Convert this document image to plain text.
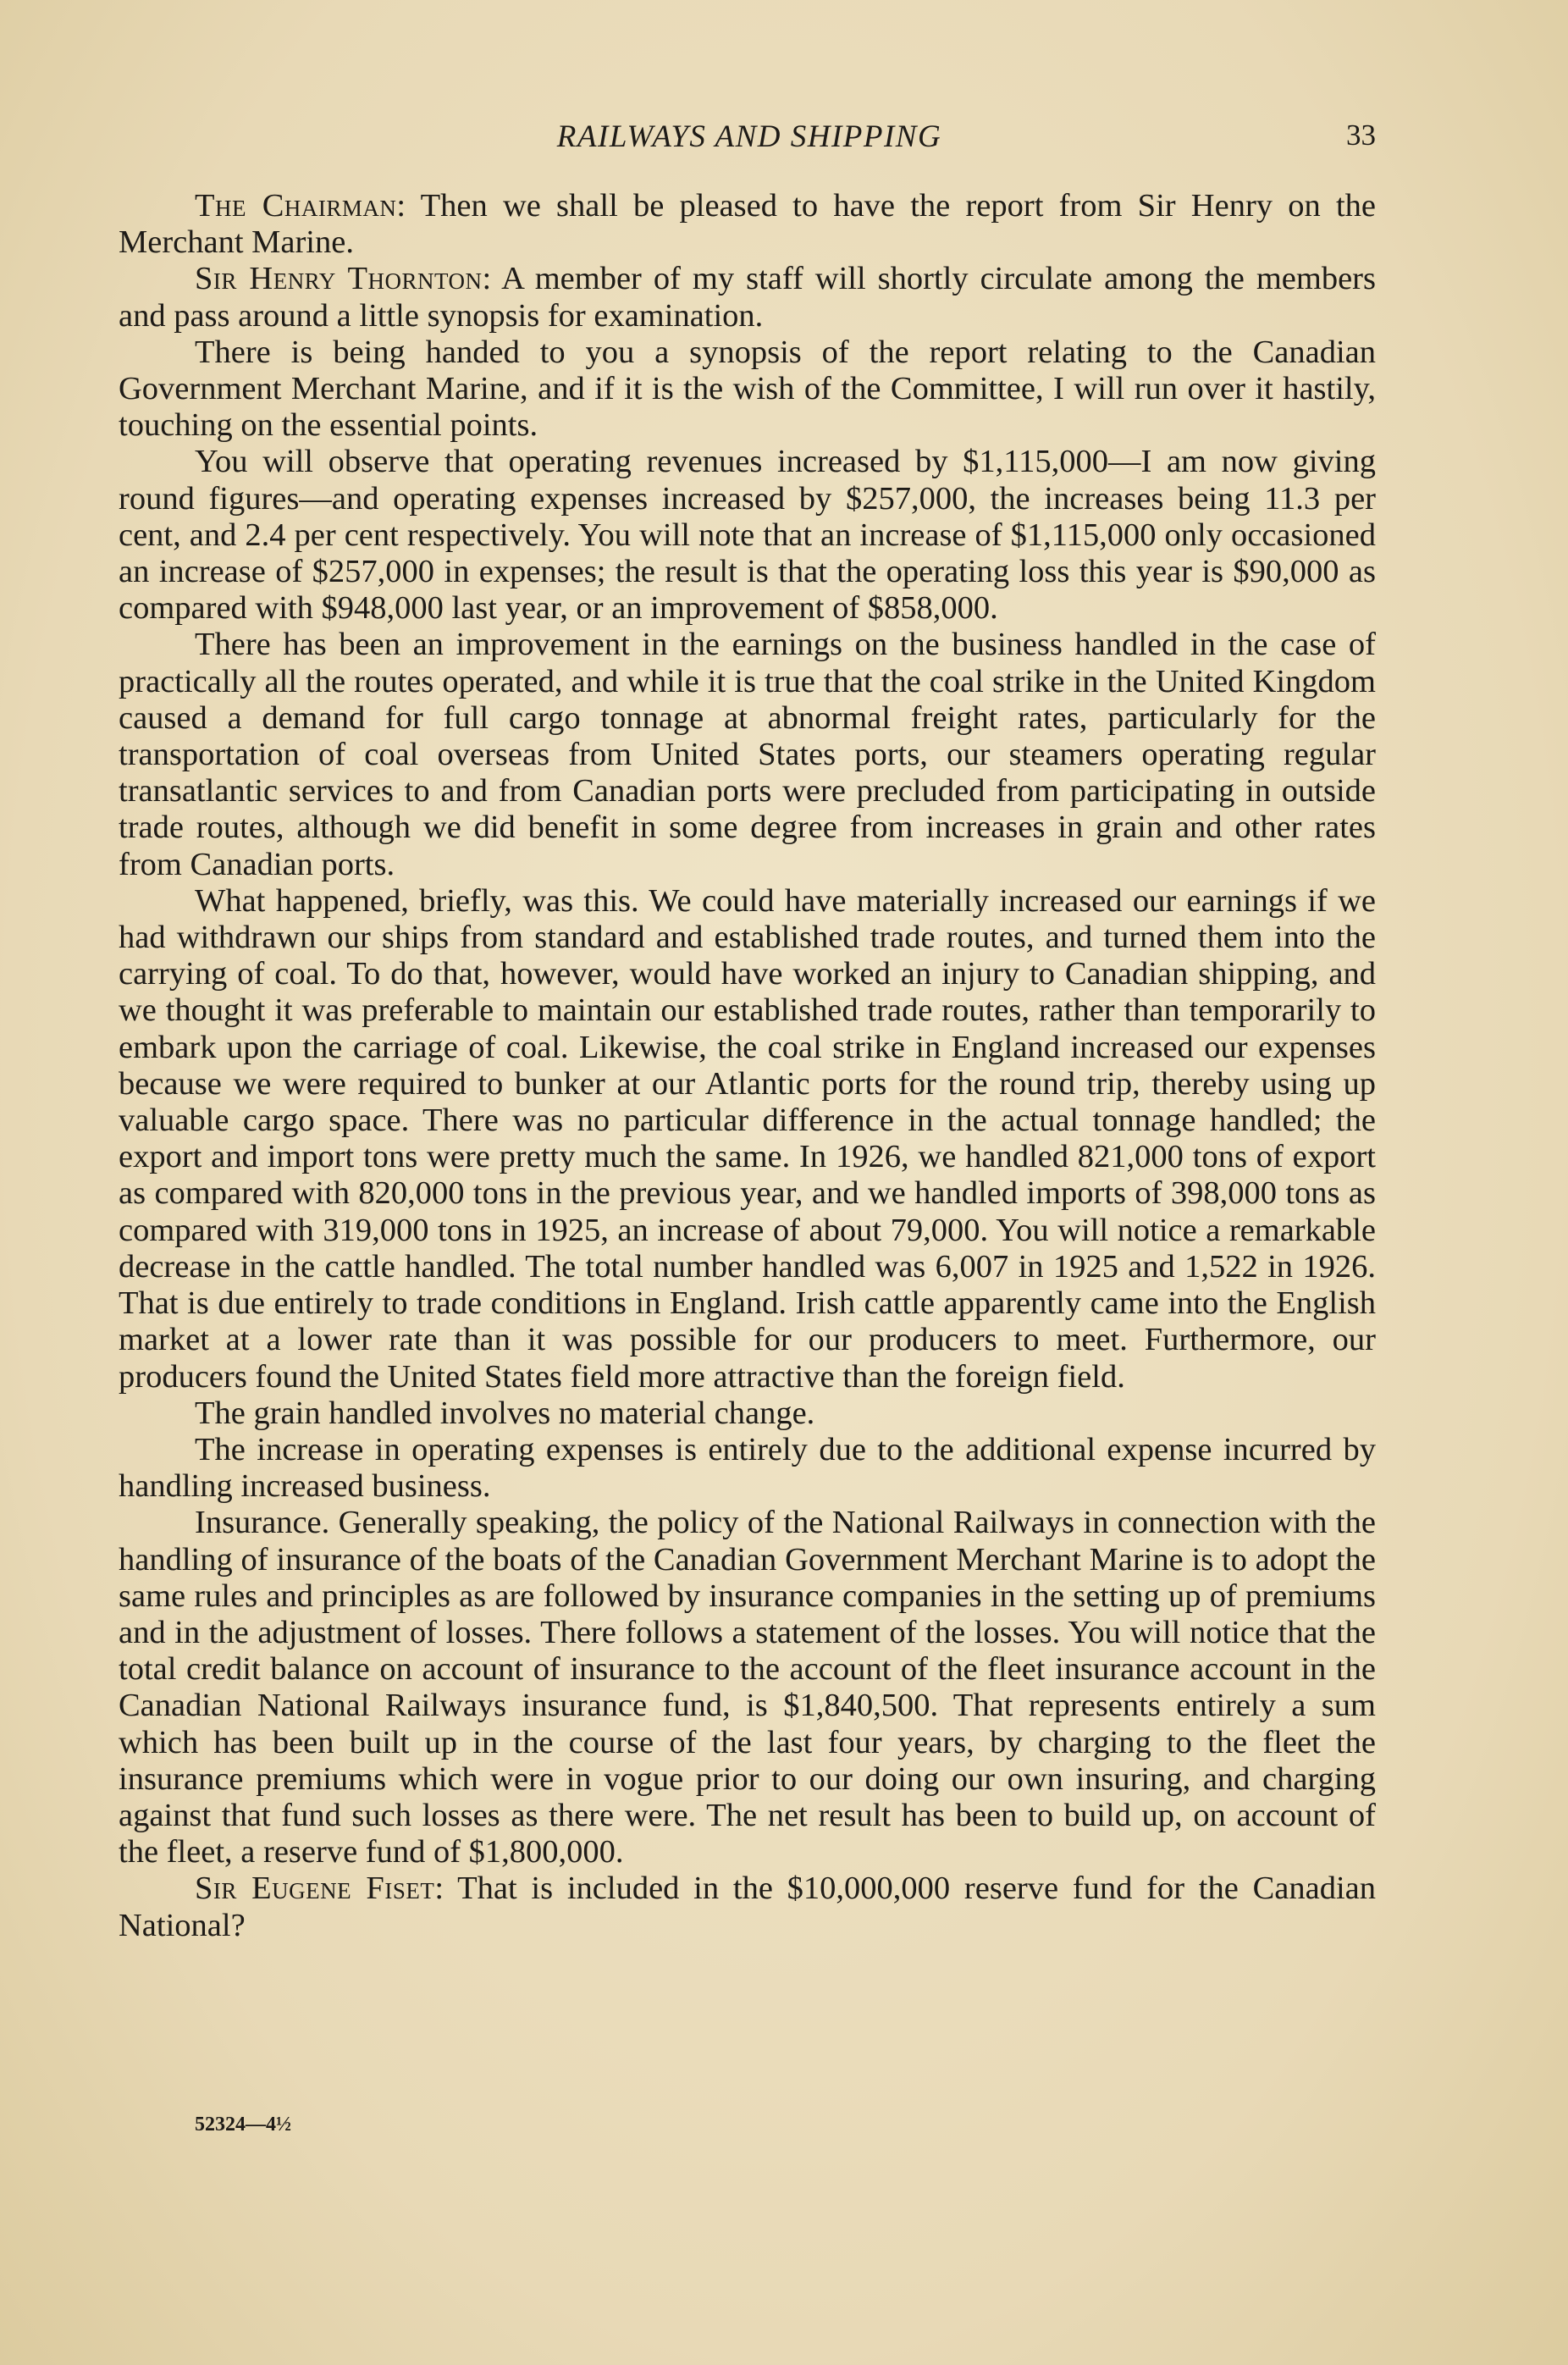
RAILWAYS AND SHIPPING	33

The Chairman: Then we shall be pleased to have the report from Sir Henry on the Merchant Marine.

Sir Henry Thornton: A member of my staff will shortly circulate among the members and pass around a little synopsis for examination.

There is being handed to you a synopsis of the report relating to the Canadian Government Merchant Marine, and if it is the wish of the Committee, I will run over it hastily, touching on the essential points.

You will observe that operating revenues increased by $1,115,000—I am now giving round figures—and operating expenses increased by $257,000, the increases being 11.3 per cent, and 2.4 per cent respectively. You will note that an increase of $1,115,000 only occasioned an increase of $257,000 in expenses; the result is that the operating loss this year is $90,000 as compared with $948,000 last year, or an improvement of $858,000.

There has been an improvement in the earnings on the business handled in the case of practically all the routes operated, and while it is true that the coal strike in the United Kingdom caused a demand for full cargo tonnage at abnormal freight rates, particularly for the transportation of coal overseas from United States ports, our steamers operating regular transatlantic services to and from Canadian ports were precluded from participating in outside trade routes, although we did benefit in some degree from increases in grain and other rates from Canadian ports.

What happened, briefly, was this. We could have materially increased our earnings if we had withdrawn our ships from standard and established trade routes, and turned them into the carrying of coal. To do that, however, would have worked an injury to Canadian shipping, and we thought it was preferable to maintain our established trade routes, rather than temporarily to embark upon the carriage of coal. Likewise, the coal strike in England increased our expenses because we were required to bunker at our Atlantic ports for the round trip, thereby using up valuable cargo space. There was no particular difference in the actual tonnage handled; the export and import tons were pretty much the same. In 1926, we handled 821,000 tons of export as compared with 820,000 tons in the previous year, and we handled imports of 398,000 tons as compared with 319,000 tons in 1925, an increase of about 79,000. You will notice a remarkable decrease in the cattle handled. The total number handled was 6,007 in 1925 and 1,522 in 1926. That is due entirely to trade conditions in England. Irish cattle apparently came into the English market at a lower rate than it was possible for our producers to meet. Furthermore, our producers found the United States field more attractive than the foreign field.

The grain handled involves no material change.

The increase in operating expenses is entirely due to the additional expense incurred by handling increased business.

Insurance. Generally speaking, the policy of the National Railways in connection with the handling of insurance of the boats of the Canadian Government Merchant Marine is to adopt the same rules and principles as are followed by insurance companies in the setting up of premiums and in the adjustment of losses. There follows a statement of the losses. You will notice that the total credit balance on account of insurance to the account of the fleet insurance account in the Canadian National Railways insurance fund, is $1,840,500. That represents entirely a sum which has been built up in the course of the last four years, by charging to the fleet the insurance premiums which were in vogue prior to our doing our own insuring, and charging against that fund such losses as there were. The net result has been to build up, on account of the fleet, a reserve fund of $1,800,000.

Sir Eugene Fiset: That is included in the $10,000,000 reserve fund for the Canadian National?

52324—4½
